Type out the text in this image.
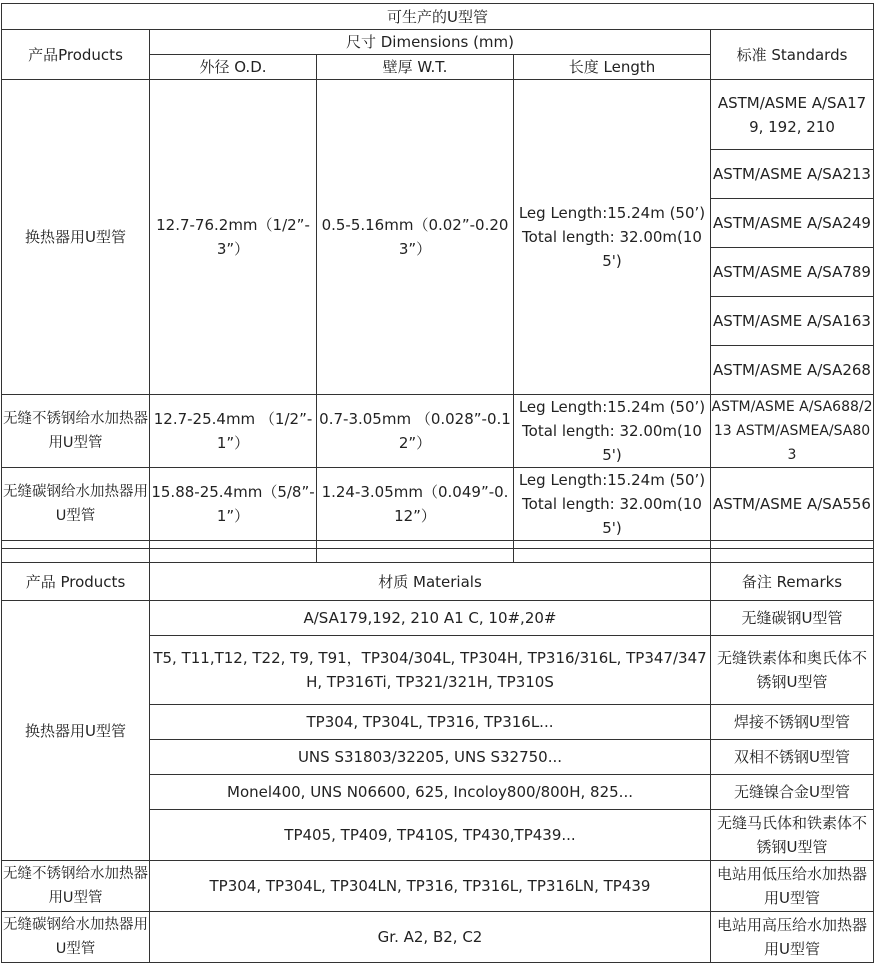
可生产的U型管				
产品Products	尺寸 Dimensions (mm)			标准 Standards
	外径 O.D.	壁厚 W.T.	长度 Length	
换热器用U型管	12.7-76.2mm（1/2”-3”）	0.5-5.16mm（0.02”-0.203”）	Leg Length:15.24m (50’) Total length: 32.00m(105')	ASTM/ASME A/SA179, 192, 210
				ASTM/ASME A/SA213
				ASTM/ASME A/SA249
				ASTM/ASME A/SA789
				ASTM/ASME A/SA163
				ASTM/ASME A/SA268
无缝不锈钢给水加热器用U型管	12.7-25.4mm （1/2”-1”）	0.7-3.05mm （0.028”-0.12”）	Leg Length:15.24m (50’) Total length: 32.00m(105')	ASTM/ASME A/SA688/213 ASTM/ASMEA/SA803
无缝碳钢给水加热器用U型管	15.88-25.4mm（5/8”-1”）	1.24-3.05mm（0.049”-0.12”）	Leg Length:15.24m (50’) Total length: 32.00m(105')	ASTM/ASME A/SA556

产品 Products	材质 Materials			备注 Remarks
换热器用U型管	A/SA179,192, 210 A1 C, 10#,20#			无缝碳钢U型管
	T5, T11,T12, T22, T9, T91，TP304/304L, TP304H, TP316/316L, TP347/347H, TP316Ti, TP321/321H, TP310S			无缝铁素体和奥氏体不锈钢U型管
	TP304, TP304L, TP316, TP316L...			焊接不锈钢U型管
	UNS S31803/32205, UNS S32750...			双相不锈钢U型管
	Monel400, UNS N06600, 625, Incoloy800/800H, 825...			无缝镍合金U型管
	TP405, TP409, TP410S, TP430,TP439...			无缝马氏体和铁素体不锈钢U型管
无缝不锈钢给水加热器用U型管	TP304, TP304L, TP304LN, TP316, TP316L, TP316LN, TP439			电站用低压给水加热器用U型管
无缝碳钢给水加热器用U型管	Gr. A2, B2, C2			电站用高压给水加热器用U型管
